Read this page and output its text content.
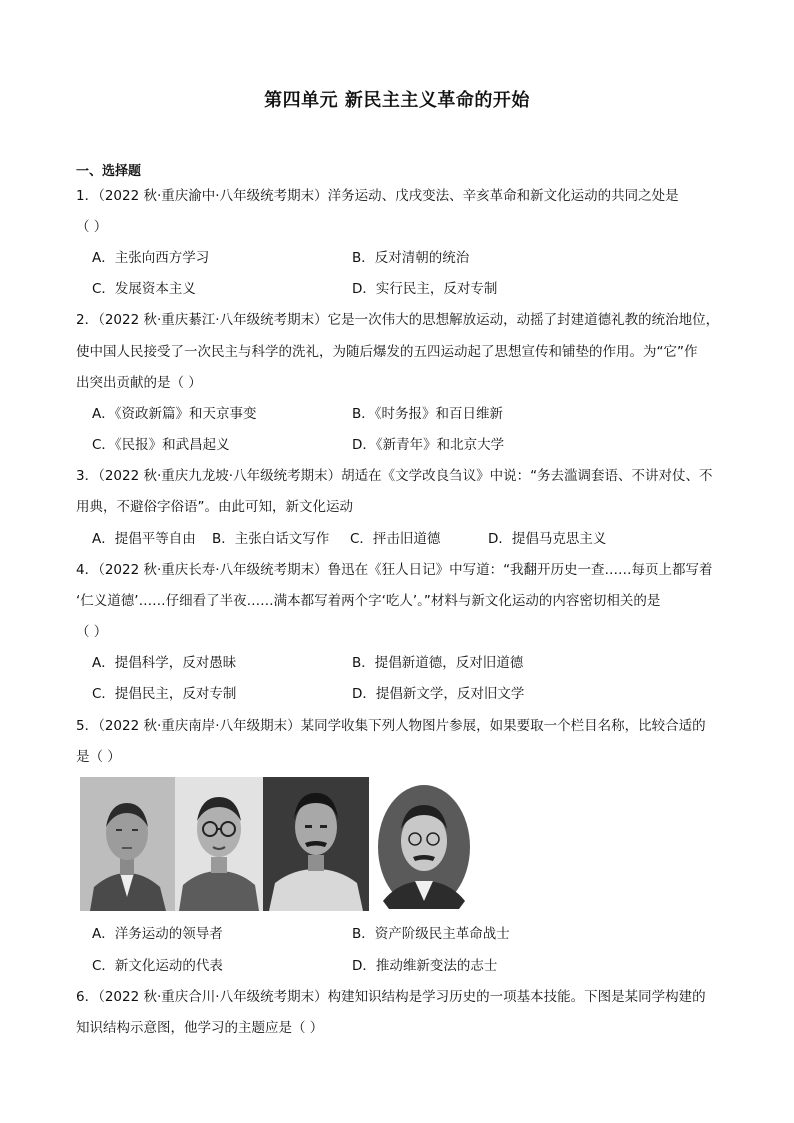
第四单元 新民主主义革命的开始
一、选择题
1．（2022 秋·重庆渝中·八年级统考期末）洋务运动、戊戌变法、辛亥革命和新文化运动的共同之处是
（ ）
A．主张向西方学习	B．反对清朝的统治
C．发展资本主义	D．实行民主，反对专制
2．（2022 秋·重庆綦江·八年级统考期末）它是一次伟大的思想解放运动，动摇了封建道德礼教的统治地位，
使中国人民接受了一次民主与科学的洗礼，为随后爆发的五四运动起了思想宣传和铺垫的作用。为“它”作
出突出贡献的是（ ）
A．《资政新篇》和天京事变	B．《时务报》和百日维新
C．《民报》和武昌起义	D．《新青年》和北京大学
3．（2022 秋·重庆九龙坡·八年级统考期末）胡适在《文学改良刍议》中说：“务去滥调套语、不讲对仗、不
用典，不避俗字俗语”。由此可知，新文化运动
A．提倡平等自由 B．主张白话文写作 C．抨击旧道德	D．提倡马克思主义
4．（2022 秋·重庆长寿·八年级统考期末）鲁迅在《狂人日记》中写道：“我翻开历史一查……每页上都写着
‘仁义道德’……仔细看了半夜……满本都写着两个字‘吃人’。”材料与新文化运动的内容密切相关的是
（ ）
A．提倡科学，反对愚昧	B．提倡新道德，反对旧道德
C．提倡民主，反对专制	D．提倡新文学，反对旧文学
5．（2022 秋·重庆南岸·八年级期末）某同学收集下列人物图片参展，如果要取一个栏目名称，比较合适的
是（ ）
A．洋务运动的领导者	B．资产阶级民主革命战士
C．新文化运动的代表	D．推动维新变法的志士
6．（2022 秋·重庆合川·八年级统考期末）构建知识结构是学习历史的一项基本技能。下图是某同学构建的
知识结构示意图，他学习的主题应是（ ）
